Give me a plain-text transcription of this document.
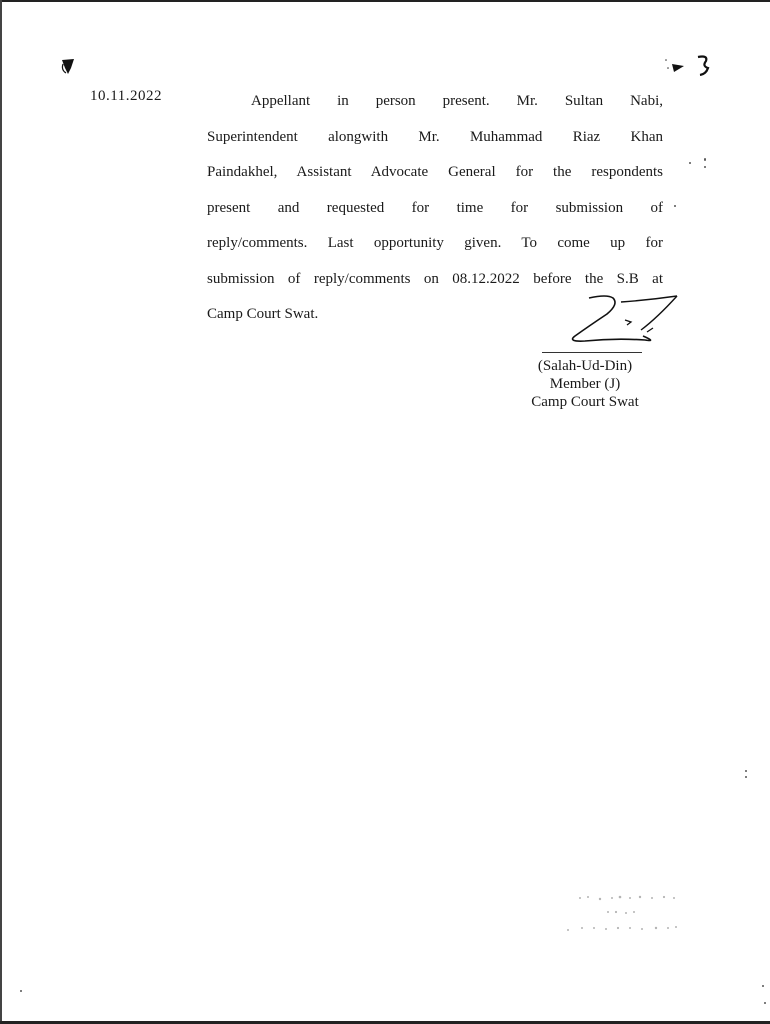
10.11.2022	Appellant in person present. Mr. Sultan Nabi,
Superintendent alongwith Mr. Muhammad Riaz Khan
Paindakhel, Assistant Advocate General for the respondents
present and requested for time for submission of
reply/comments. Last opportunity given. To come up for
submission of reply/comments on 08.12.2022 before the S.B at
Camp Court Swat.
(Salah-Ud-Din)
Member (J)
Camp Court Swat
